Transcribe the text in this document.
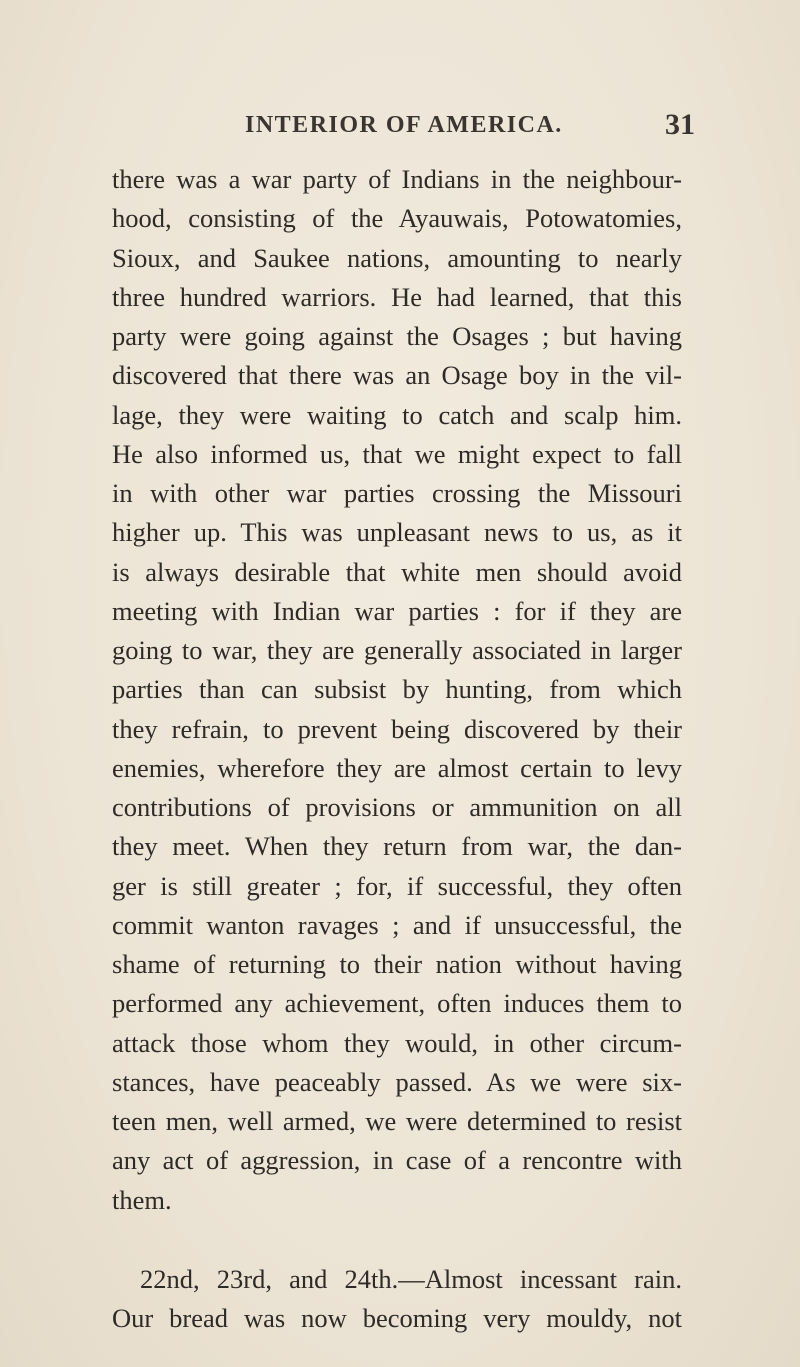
INTERIOR OF AMERICA.	31
there was a war party of Indians in the neighbour-
hood, consisting of the Ayauwais, Potowatomies,
Sioux, and Saukee nations, amounting to nearly
three hundred warriors. He had learned, that this
party were going against the Osages ; but having
discovered that there was an Osage boy in the vil-
lage, they were waiting to catch and scalp him.
He also informed us, that we might expect to fall
in with other war parties crossing the Missouri
higher up. This was unpleasant news to us, as it
is always desirable that white men should avoid
meeting with Indian war parties : for if they are
going to war, they are generally associated in larger
parties than can subsist by hunting, from which
they refrain, to prevent being discovered by their
enemies, wherefore they are almost certain to levy
contributions of provisions or ammunition on all
they meet. When they return from war, the dan-
ger is still greater ; for, if successful, they often
commit wanton ravages ; and if unsuccessful, the
shame of returning to their nation without having
performed any achievement, often induces them to
attack those whom they would, in other circum-
stances, have peaceably passed. As we were six-
teen men, well armed, we were determined to resist
any act of aggression, in case of a rencontre with
them.
22nd, 23rd, and 24th.—Almost incessant rain.
Our bread was now becoming very mouldy, not
